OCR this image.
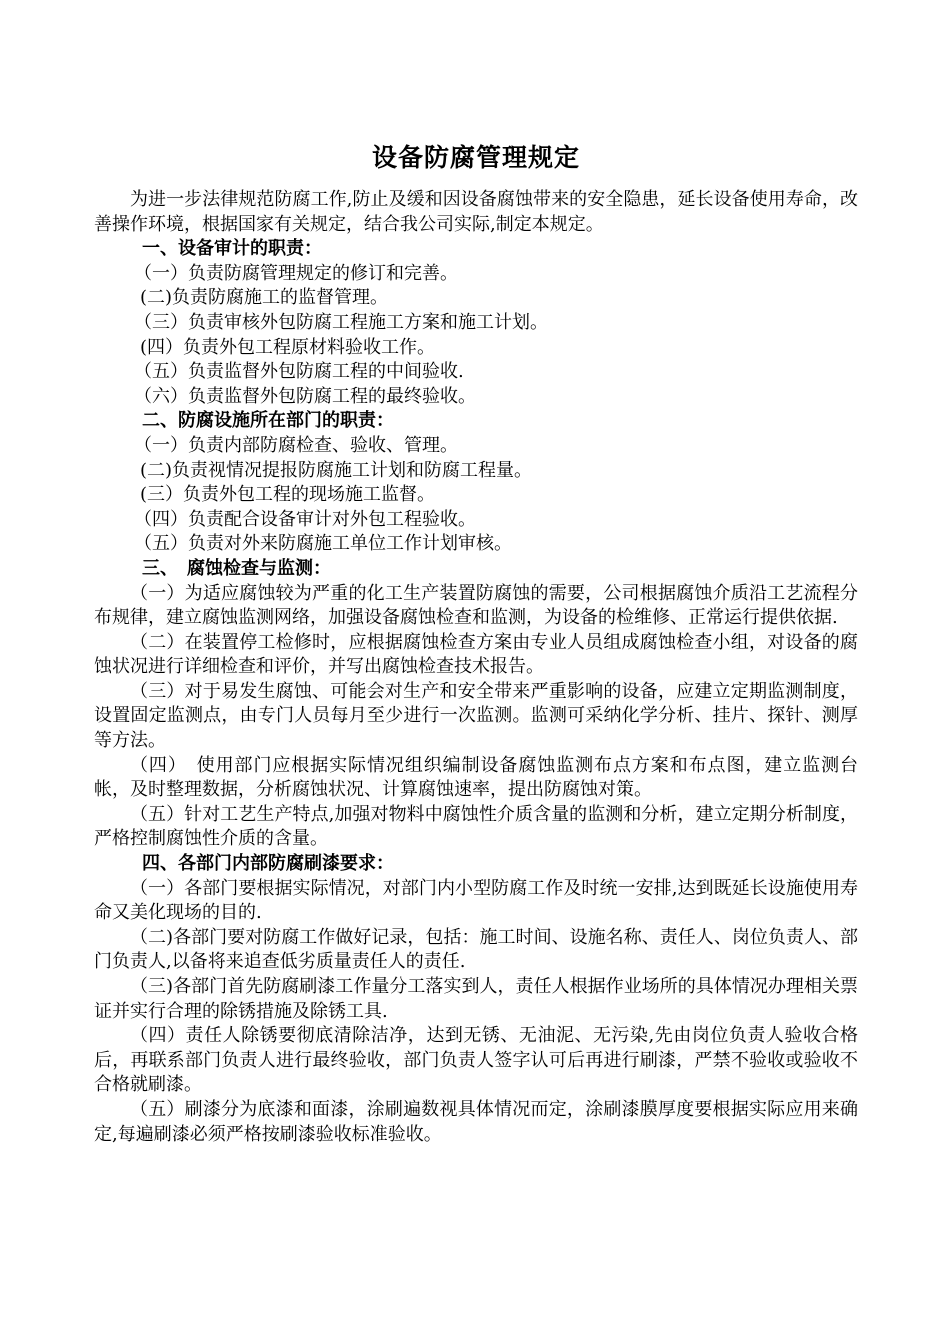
设备防腐管理规定

为进一步法律规范防腐工作,防止及缓和因设备腐蚀带来的安全隐患，延长设备使用寿命，改善操作环境，根据国家有关规定，结合我公司实际,制定本规定。

一、设备审计的职责：

（一）负责防腐管理规定的修订和完善。

(二)负责防腐施工的监督管理。

（三）负责审核外包防腐工程施工方案和施工计划。

(四）负责外包工程原材料验收工作。

（五）负责监督外包防腐工程的中间验收.

（六）负责监督外包防腐工程的最终验收。

二、防腐设施所在部门的职责：

（一）负责内部防腐检查、验收、管理。

(二)负责视情况提报防腐施工计划和防腐工程量。

(三）负责外包工程的现场施工监督。

（四）负责配合设备审计对外包工程验收。

（五）负责对外来防腐施工单位工作计划审核。

三、　腐蚀检查与监测：

（一）为适应腐蚀较为严重的化工生产装置防腐蚀的需要，公司根据腐蚀介质沿工艺流程分布规律，建立腐蚀监测网络，加强设备腐蚀检查和监测，为设备的检维修、正常运行提供依据.

（二）在装置停工检修时，应根据腐蚀检查方案由专业人员组成腐蚀检查小组，对设备的腐蚀状况进行详细检查和评价，并写出腐蚀检查技术报告。

（三）对于易发生腐蚀、可能会对生产和安全带来严重影响的设备，应建立定期监测制度，设置固定监测点，由专门人员每月至少进行一次监测。监测可采纳化学分析、挂片、探针、测厚等方法。

（四）　使用部门应根据实际情况组织编制设备腐蚀监测布点方案和布点图，建立监测台帐，及时整理数据，分析腐蚀状况、计算腐蚀速率，提出防腐蚀对策。

（五）针对工艺生产特点,加强对物料中腐蚀性介质含量的监测和分析，建立定期分析制度，严格控制腐蚀性介质的含量。

四、各部门内部防腐刷漆要求：

（一）各部门要根据实际情况，对部门内小型防腐工作及时统一安排,达到既延长设施使用寿命又美化现场的目的.

（二)各部门要对防腐工作做好记录，包括：施工时间、设施名称、责任人、岗位负责人、部门负责人,以备将来追查低劣质量责任人的责任.

（三)各部门首先防腐刷漆工作量分工落实到人，责任人根据作业场所的具体情况办理相关票证并实行合理的除锈措施及除锈工具.

（四）责任人除锈要彻底清除洁净，达到无锈、无油泥、无污染,先由岗位负责人验收合格后，再联系部门负责人进行最终验收，部门负责人签字认可后再进行刷漆，严禁不验收或验收不合格就刷漆。

（五）刷漆分为底漆和面漆，涂刷遍数视具体情况而定，涂刷漆膜厚度要根据实际应用来确定,每遍刷漆必须严格按刷漆验收标准验收。
